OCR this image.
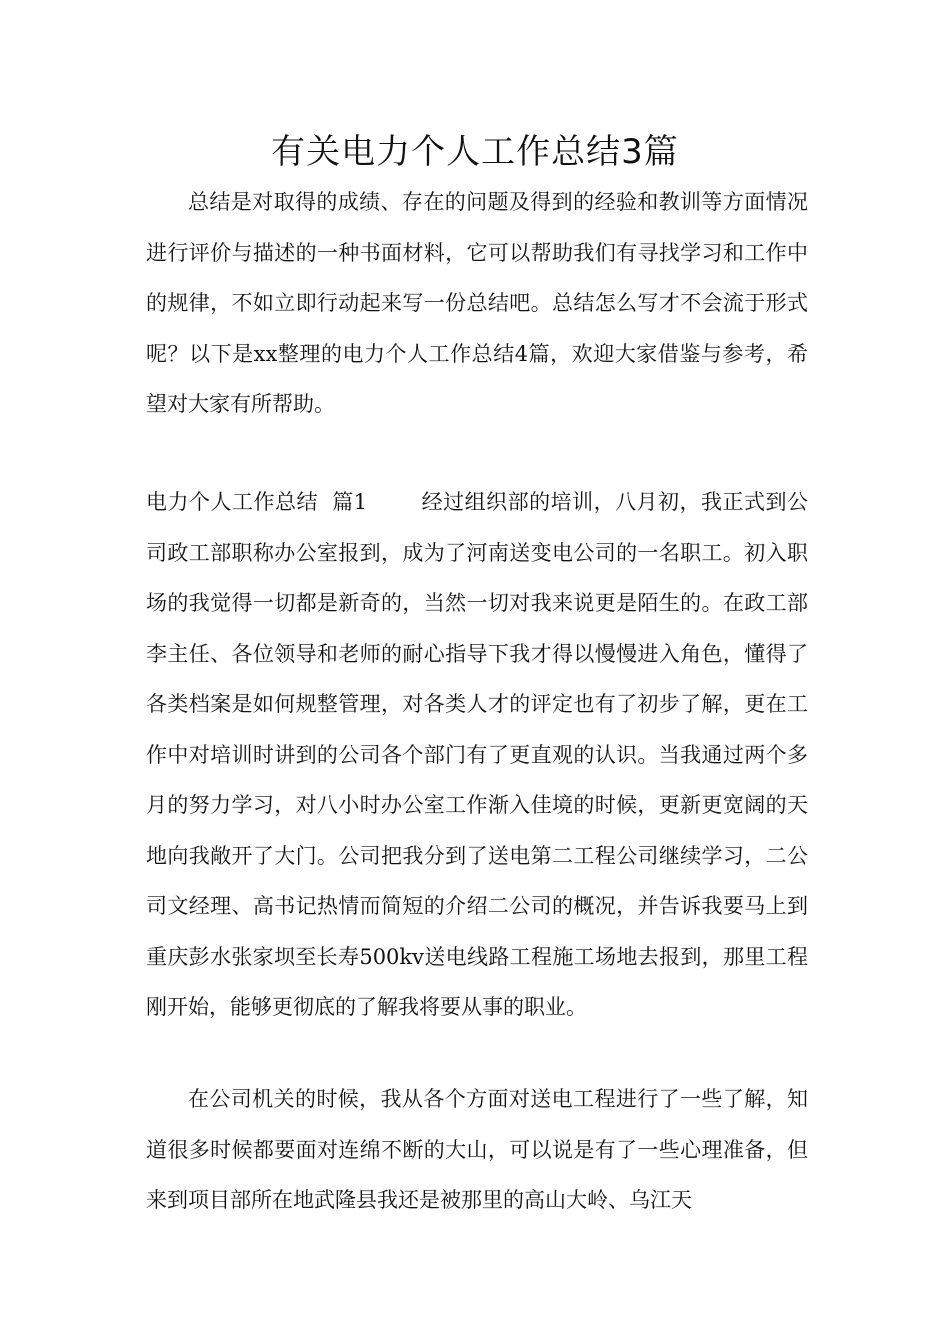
有关电力个人工作总结3篇

总结是对取得的成绩、存在的问题及得到的经验和教训等方面情况进行评价与描述的一种书面材料，它可以帮助我们有寻找学习和工作中的规律，不如立即行动起来写一份总结吧。总结怎么写才不会流于形式呢？以下是xx整理的电力个人工作总结4篇，欢迎大家借鉴与参考，希望对大家有所帮助。

电力个人工作总结  篇1	经过组织部的培训，八月初，我正式到公司政工部职称办公室报到，成为了河南送变电公司的一名职工。初入职场的我觉得一切都是新奇的，当然一切对我来说更是陌生的。在政工部李主任、各位领导和老师的耐心指导下我才得以慢慢进入角色，懂得了各类档案是如何规整管理，对各类人才的评定也有了初步了解，更在工作中对培训时讲到的公司各个部门有了更直观的认识。当我通过两个多月的努力学习，对八小时办公室工作渐入佳境的时候，更新更宽阔的天地向我敞开了大门。公司把我分到了送电第二工程公司继续学习，二公司文经理、高书记热情而简短的介绍二公司的概况，并告诉我要马上到重庆彭水张家坝至长寿500kv送电线路工程施工场地去报到，那里工程刚开始，能够更彻底的了解我将要从事的职业。

在公司机关的时候，我从各个方面对送电工程进行了一些了解，知道很多时候都要面对连绵不断的大山，可以说是有了一些心理准备，但来到项目部所在地武隆县我还是被那里的高山大岭、乌江天
